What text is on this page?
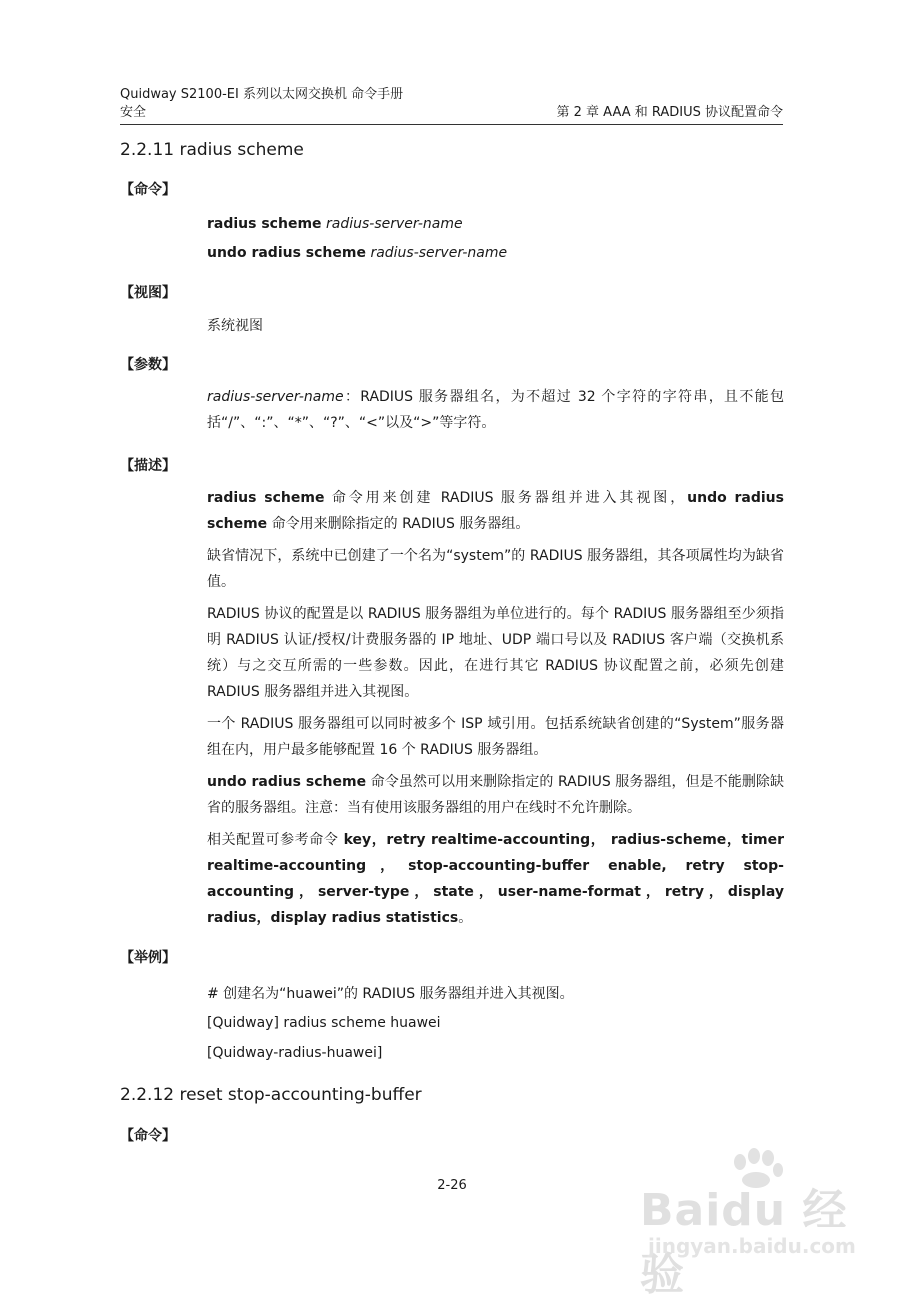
Quidway S2100-EI 系列以太网交换机 命令手册
安全	第 2 章 AAA 和 RADIUS 协议配置命令
2.2.11 radius scheme
【命令】
radius scheme radius-server-name
undo radius scheme radius-server-name
【视图】
系统视图
【参数】
radius-server-name：RADIUS 服务器组名，为不超过 32 个字符的字符串，且不能包括“/”、“:”、“*”、“?”、“<”以及“>”等字符。
【描述】
radius scheme 命令用来创建 RADIUS 服务器组并进入其视图，undo radius scheme 命令用来删除指定的 RADIUS 服务器组。
缺省情况下，系统中已创建了一个名为“system”的 RADIUS 服务器组，其各项属性均为缺省值。
RADIUS 协议的配置是以 RADIUS 服务器组为单位进行的。每个 RADIUS 服务器组至少须指明 RADIUS 认证/授权/计费服务器的 IP 地址、UDP 端口号以及 RADIUS 客户端（交换机系统）与之交互所需的一些参数。因此，在进行其它 RADIUS 协议配置之前，必须先创建 RADIUS 服务器组并进入其视图。
一个 RADIUS 服务器组可以同时被多个 ISP 域引用。包括系统缺省创建的“System”服务器组在内，用户最多能够配置 16 个 RADIUS 服务器组。
undo radius scheme 命令虽然可以用来删除指定的 RADIUS 服务器组，但是不能删除缺省的服务器组。注意：当有使用该服务器组的用户在线时不允许删除。
相关配置可参考命令 key，retry realtime-accounting， radius-scheme，timer realtime-accounting，stop-accounting-buffer enable, retry stop-accounting，server-type，state，user-name-format，retry，display radius，display radius statistics。
【举例】
# 创建名为“huawei”的 RADIUS 服务器组并进入其视图。
[Quidway] radius scheme huawei
[Quidway-radius-huawei]
2.2.12 reset stop-accounting-buffer
【命令】
2-26	Baidu 经验
jingyan.baidu.com
